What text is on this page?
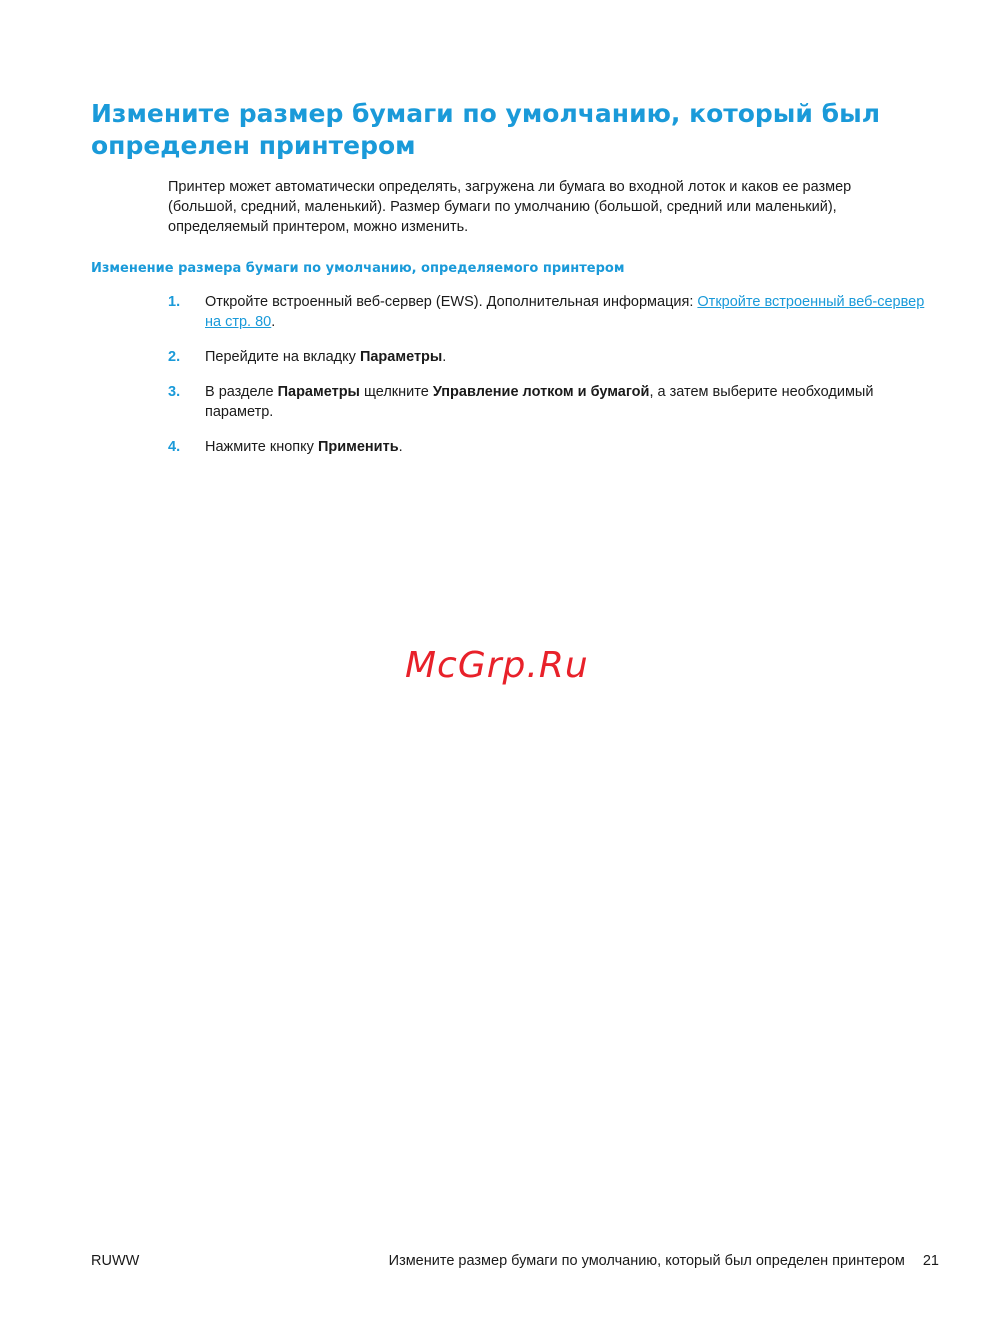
Измените размер бумаги по умолчанию, который был определен принтером

Принтер может автоматически определять, загружена ли бумага во входной лоток и каков ее размер (большой, средний, маленький). Размер бумаги по умолчанию (большой, средний или маленький), определяемый принтером, можно изменить.

Изменение размера бумаги по умолчанию, определяемого принтером
1. Откройте встроенный веб-сервер (EWS). Дополнительная информация: Откройте встроенный веб-сервер на стр. 80.
2. Перейдите на вкладку Параметры.
3. В разделе Параметры щелкните Управление лотком и бумагой, а затем выберите необходимый параметр.
4. Нажмите кнопку Применить.
McGrp.Ru
RUWW	Измените размер бумаги по умолчанию, который был определен принтером 21
